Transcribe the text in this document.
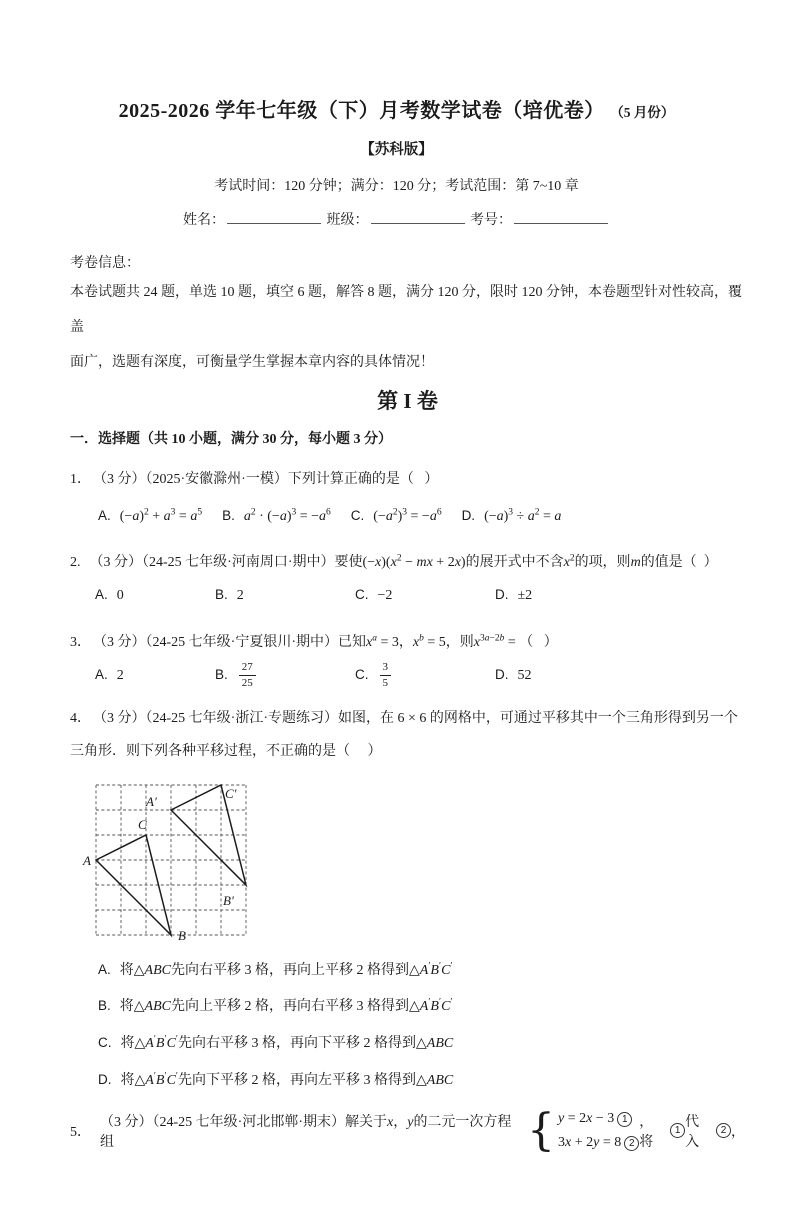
2025-2026 学年七年级（下）月考数学试卷（培优卷） （5 月份）
【苏科版】
考试时间：120 分钟；满分：120 分；考试范围：第 7~10 章
姓名：	班级：	考号：
考卷信息：
本卷试题共 24 题，单选 10 题，填空 6 题，解答 8 题，满分 120 分，限时 120 分钟，本卷题型针对性较高，覆盖
面广，选题有深度，可衡量学生掌握本章内容的具体情况！
第 I 卷
一．选择题（共 10 小题，满分 30 分，每小题 3 分）
1． （3 分）（2025·安徽滁州·一模）下列计算正确的是（   ）
A. $(-a)^2 + a^3 = a^5$ B. $a^2 \cdot (-a)^3 = -a^6$ C. $(-a^2)^3 = -a^6$ D. $(-a)^3 \div a^2 = a$
2. （3 分）（24-25 七年级·河南周口·期中）要使$(-x)(x^2$ − mx + 2x)的展开式中不含$x^2$的项，则m的值是（  ）
A. 0	B. 2	C. −2	D. ±2
3． （3 分）（24-25 七年级·宁夏银川·期中）已知$x^a = 3$，$x^b = 5$，则$x^{3a-2b}$ = （   ）
A. 2	B. $\frac{27}{25}$	C. $\frac{3}{5}$	D. 52
4． （3 分）（24-25 七年级·浙江·专题练习）如图，在 6 × 6 的网格中，可通过平移其中一个三角形得到另一个三角形．则下列各种平移过程，不正确的是（     ）
A
C
B
A′
C′
B′
A. 将△ABC先向右平移 3 格，再向上平移 2 格得到△A′B′C′
B. 将△ABC先向上平移 2 格，再向右平移 3 格得到△A′B′C′
C. 将△A′B′C′先向右平移 3 格，再向下平移 2 格得到△ABC
D. 将△A′B′C′先向下平移 2 格，再向左平移 3 格得到△ABC
5．
（3 分）（24-25 七年级·河北邯郸·期末）解关于x，y的二元一次方程组	{ y = 2x − 3 1
3x + 2y = 8 2
，将
1
代入
2 ，
